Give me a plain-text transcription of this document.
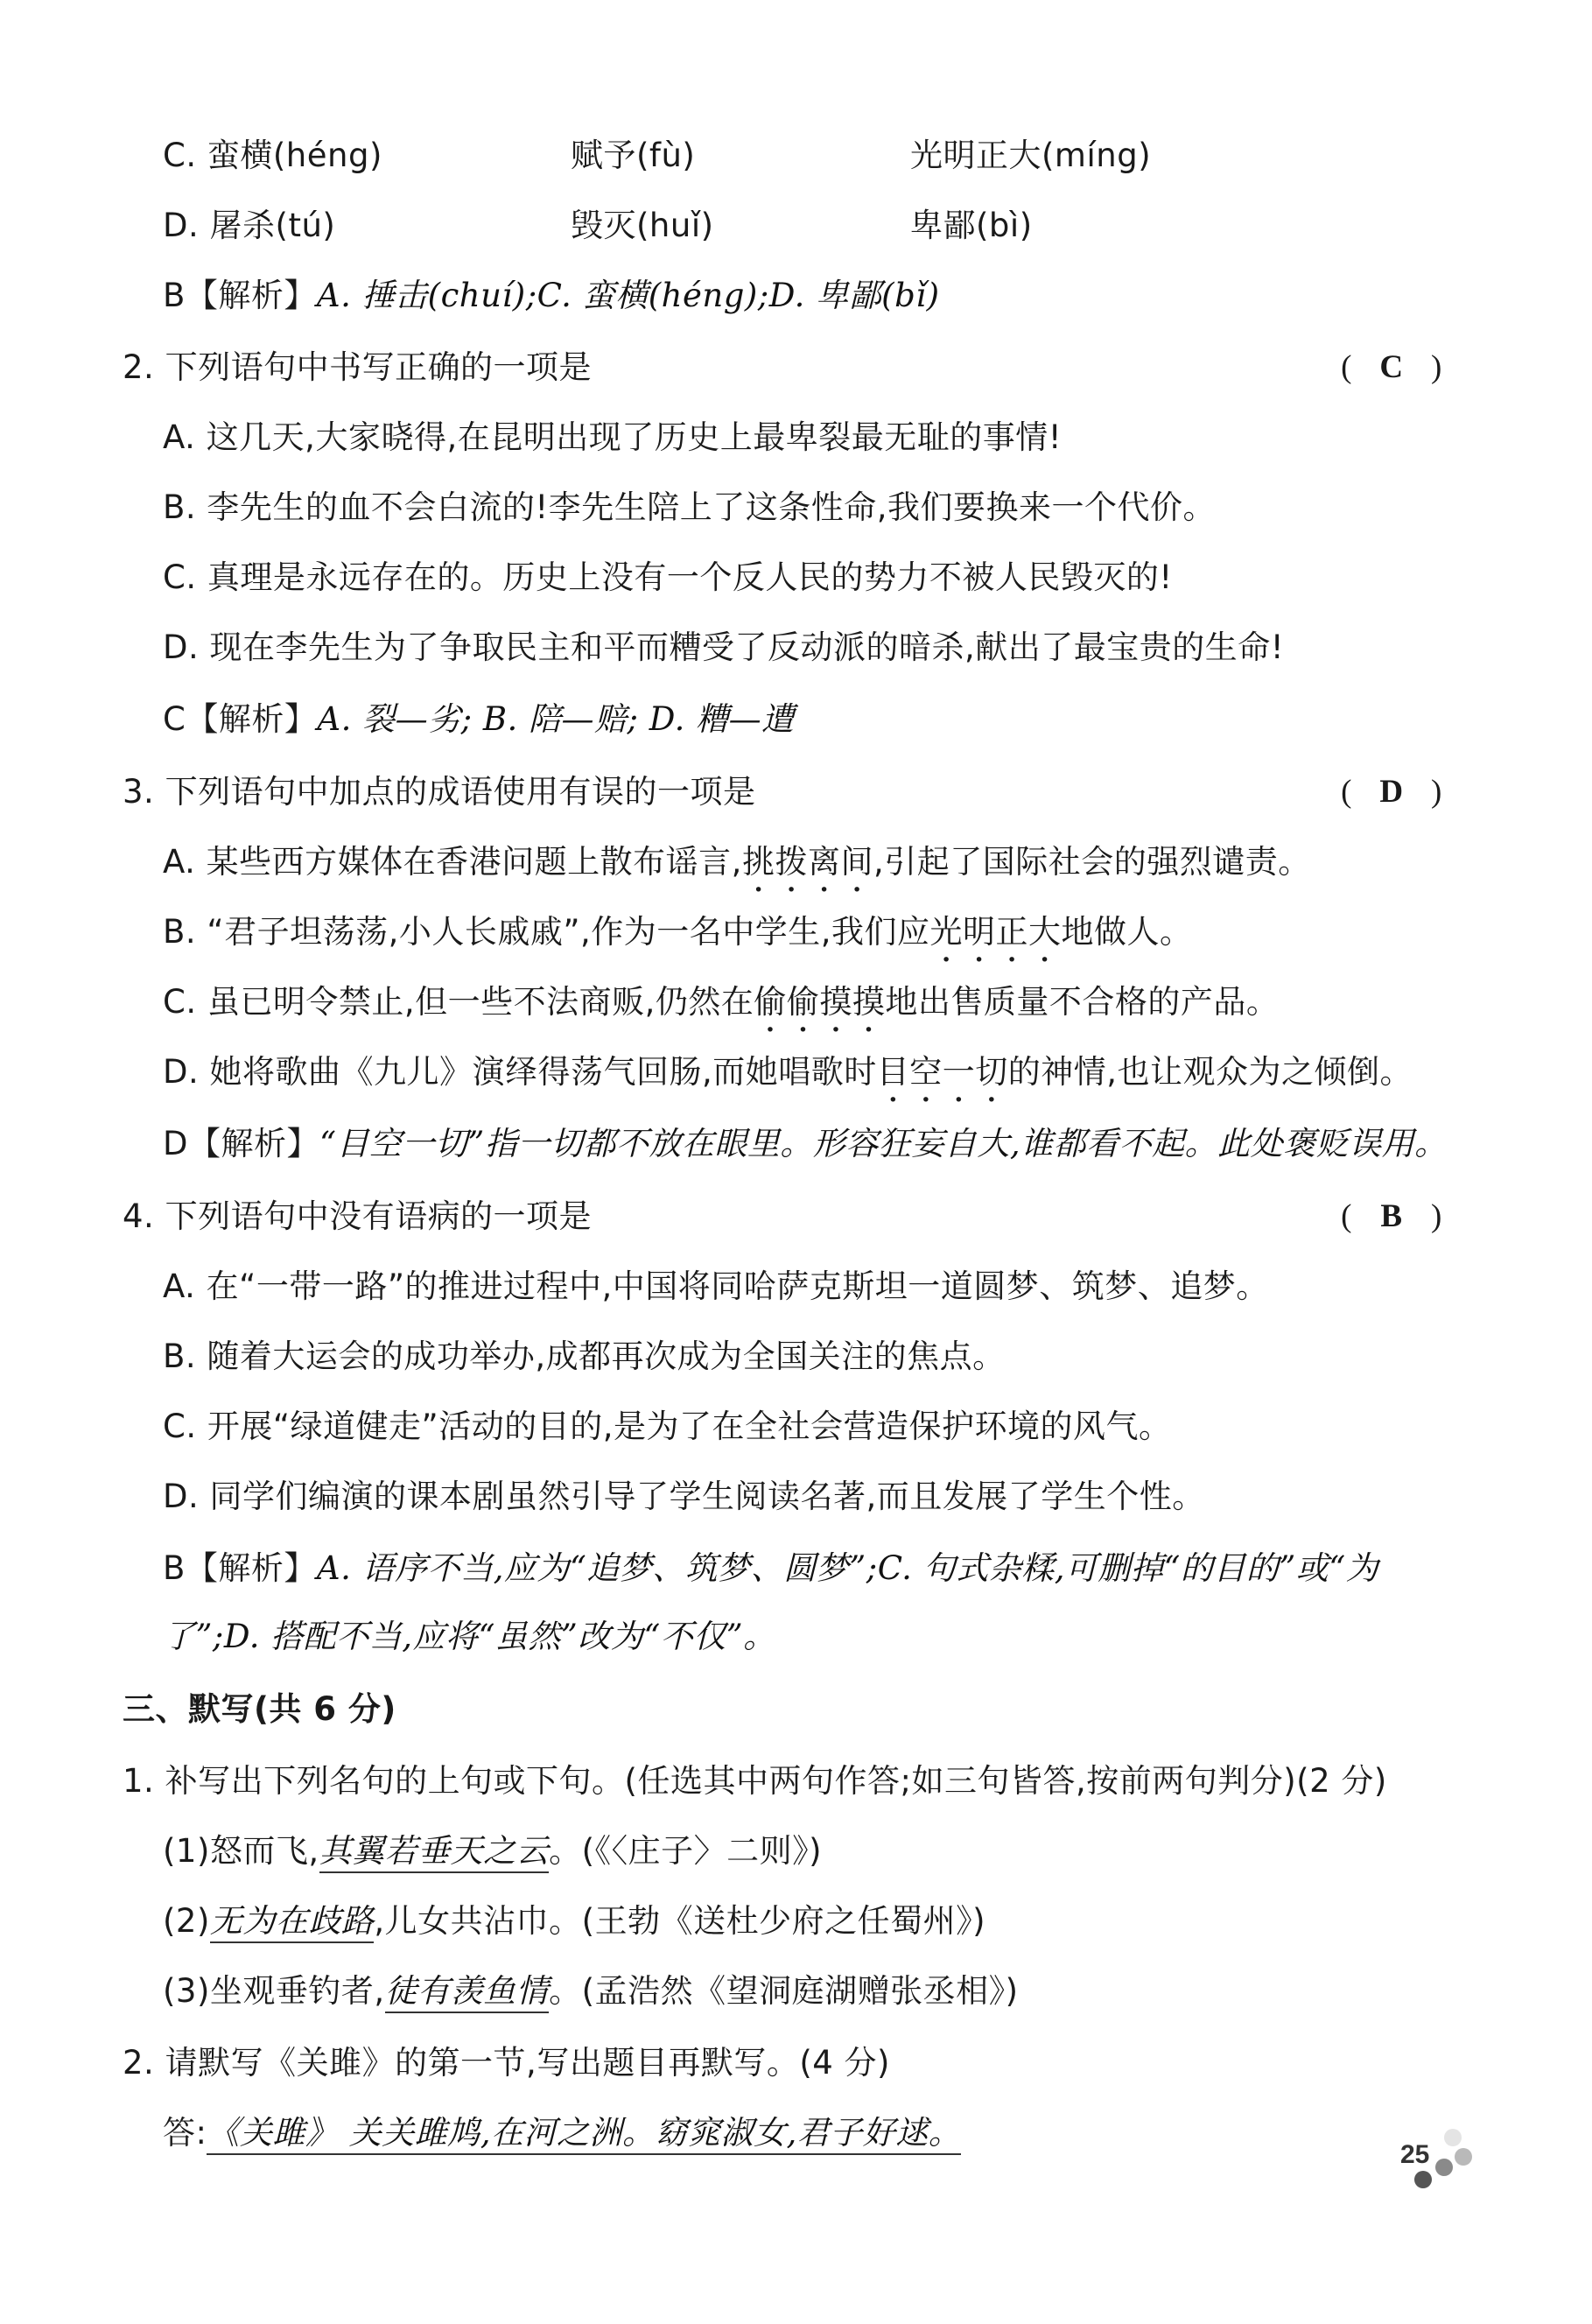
C. 蛮横(héng)	赋予(fù)	光明正大(míng)
D. 屠杀(tú)	毁灭(huǐ)	卑鄙(bì)
B【解析】A. 捶击(chuí);C. 蛮横(héng);D. 卑鄙(bǐ)
2. 下列语句中书写正确的一项是	( C )
A. 这几天,大家晓得,在昆明出现了历史上最卑裂最无耻的事情!
B. 李先生的血不会白流的!李先生陪上了这条性命,我们要换来一个代价。
C. 真理是永远存在的。历史上没有一个反人民的势力不被人民毁灭的!
D. 现在李先生为了争取民主和平而糟受了反动派的暗杀,献出了最宝贵的生命!
C【解析】A. 裂—劣; B. 陪—赔; D. 糟—遭
3. 下列语句中加点的成语使用有误的一项是	( D )
A. 某些西方媒体在香港问题上散布谣言,挑拨离间,引起了国际社会的强烈谴责。
B. “君子坦荡荡,小人长戚戚”,作为一名中学生,我们应光明正大地做人。
C. 虽已明令禁止,但一些不法商贩,仍然在偷偷摸摸地出售质量不合格的产品。
D. 她将歌曲《九儿》演绎得荡气回肠,而她唱歌时目空一切的神情,也让观众为之倾倒。
D【解析】“目空一切”指一切都不放在眼里。形容狂妄自大,谁都看不起。此处褒贬误用。
4. 下列语句中没有语病的一项是	( B )
A. 在“一带一路”的推进过程中,中国将同哈萨克斯坦一道圆梦、筑梦、追梦。
B. 随着大运会的成功举办,成都再次成为全国关注的焦点。
C. 开展“绿道健走”活动的目的,是为了在全社会营造保护环境的风气。
D. 同学们编演的课本剧虽然引导了学生阅读名著,而且发展了学生个性。
B【解析】A. 语序不当,应为“追梦、筑梦、圆梦”;C. 句式杂糅,可删掉“的目的”或“为
了”;D. 搭配不当,应将“虽然”改为“不仅”。
三、默写(共 6 分)
1. 补写出下列名句的上句或下句。(任选其中两句作答;如三句皆答,按前两句判分)(2 分)
(1)怒而飞,其翼若垂天之云。(《〈庄子〉二则》)
(2)无为在歧路,儿女共沾巾。(王勃《送杜少府之任蜀州》)
(3)坐观垂钓者,徒有羡鱼情。(孟浩然《望洞庭湖赠张丞相》)
2. 请默写《关雎》的第一节,写出题目再默写。(4 分)
答:《关雎》 关关雎鸠,在河之洲。窈窕淑女,君子好逑。
25
